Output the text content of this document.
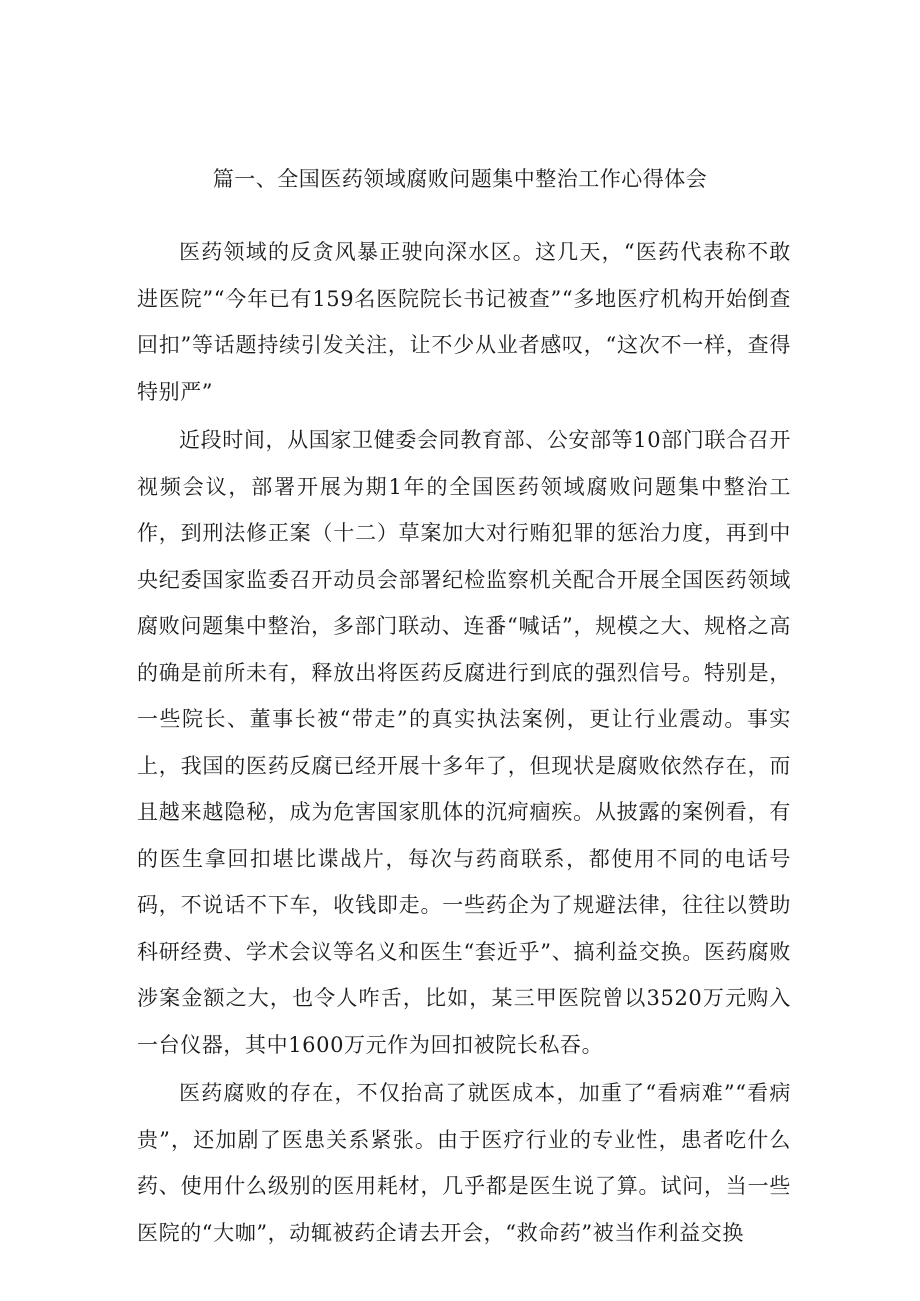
篇一、全国医药领域腐败问题集中整治工作心得体会

医药领域的反贪风暴正驶向深水区。这几天，“医药代表称不敢进医院”“今年已有159名医院院长书记被查”“多地医疗机构开始倒查回扣”等话题持续引发关注，让不少从业者感叹，“这次不一样，查得特别严”

近段时间，从国家卫健委会同教育部、公安部等10部门联合召开视频会议，部署开展为期1年的全国医药领域腐败问题集中整治工作，到刑法修正案（十二）草案加大对行贿犯罪的惩治力度，再到中央纪委国家监委召开动员会部署纪检监察机关配合开展全国医药领域腐败问题集中整治，多部门联动、连番“喊话”，规模之大、规格之高的确是前所未有，释放出将医药反腐进行到底的强烈信号。特别是，一些院长、董事长被“带走”的真实执法案例，更让行业震动。事实上，我国的医药反腐已经开展十多年了，但现状是腐败依然存在，而且越来越隐秘，成为危害国家肌体的沉疴痼疾。从披露的案例看，有的医生拿回扣堪比谍战片，每次与药商联系，都使用不同的电话号码，不说话不下车，收钱即走。一些药企为了规避法律，往往以赞助科研经费、学术会议等名义和医生“套近乎”、搞利益交换。医药腐败涉案金额之大，也令人咋舌，比如，某三甲医院曾以3520万元购入一台仪器，其中1600万元作为回扣被院长私吞。

医药腐败的存在，不仅抬高了就医成本，加重了“看病难”“看病贵”，还加剧了医患关系紧张。由于医疗行业的专业性，患者吃什么药、使用什么级别的医用耗材，几乎都是医生说了算。试问，当一些医院的“大咖”，动辄被药企请去开会，“救命药”被当作利益交换
